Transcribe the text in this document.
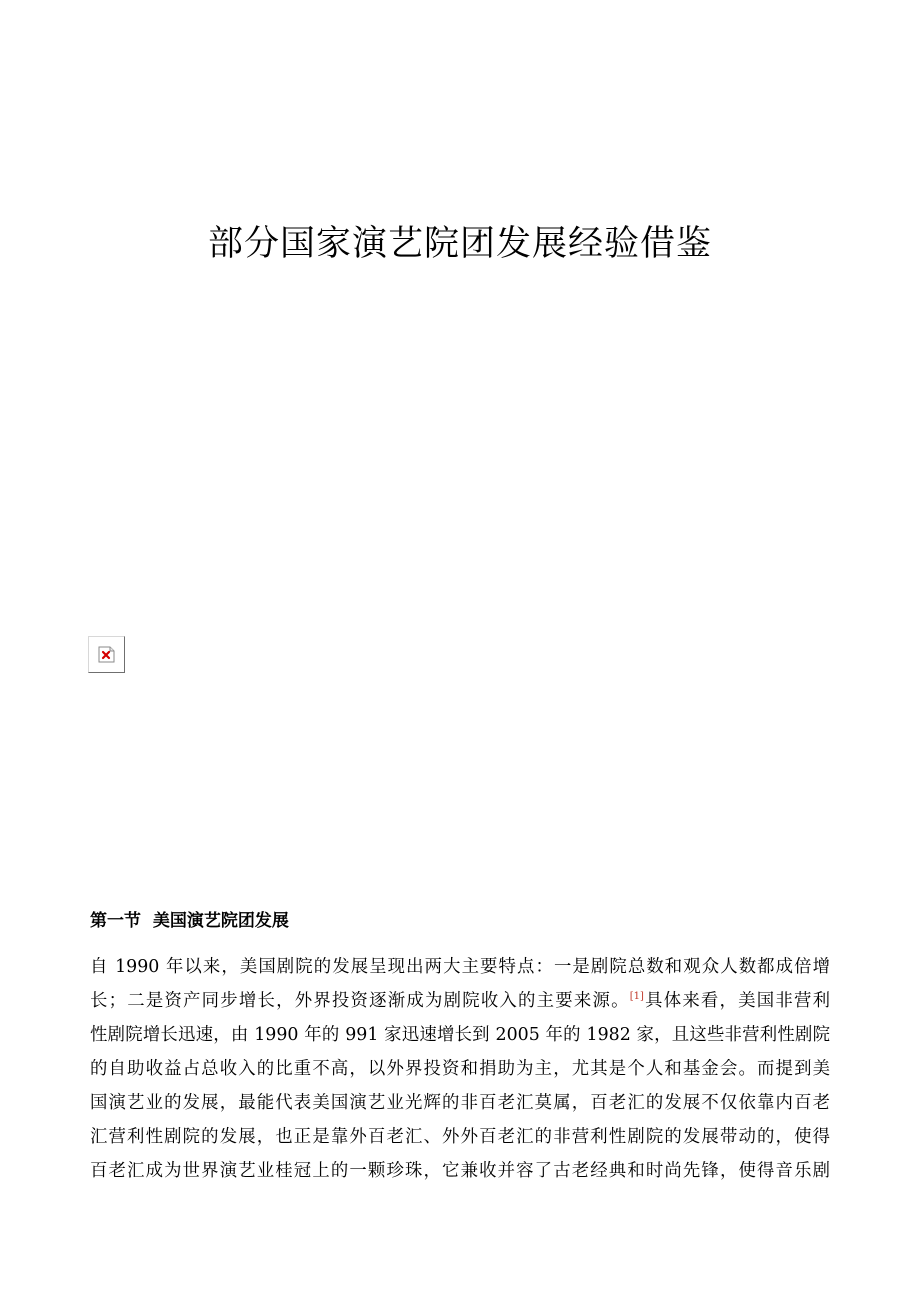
部分国家演艺院团发展经验借鉴
第一节  美国演艺院团发展
自 1990 年以来，美国剧院的发展呈现出两大主要特点：一是剧院总数和观众人数都成倍增
长；二是资产同步增长，外界投资逐渐成为剧院收入的主要来源。[1]具体来看，美国非营利
性剧院增长迅速，由 1990 年的 991 家迅速增长到 2005 年的 1982 家，且这些非营利性剧院
的自助收益占总收入的比重不高，以外界投资和捐助为主，尤其是个人和基金会。而提到美
国演艺业的发展，最能代表美国演艺业光辉的非百老汇莫属，百老汇的发展不仅依靠内百老
汇营利性剧院的发展，也正是靠外百老汇、外外百老汇的非营利性剧院的发展带动的，使得
百老汇成为世界演艺业桂冠上的一颗珍珠，它兼收并容了古老经典和时尚先锋，使得音乐剧
